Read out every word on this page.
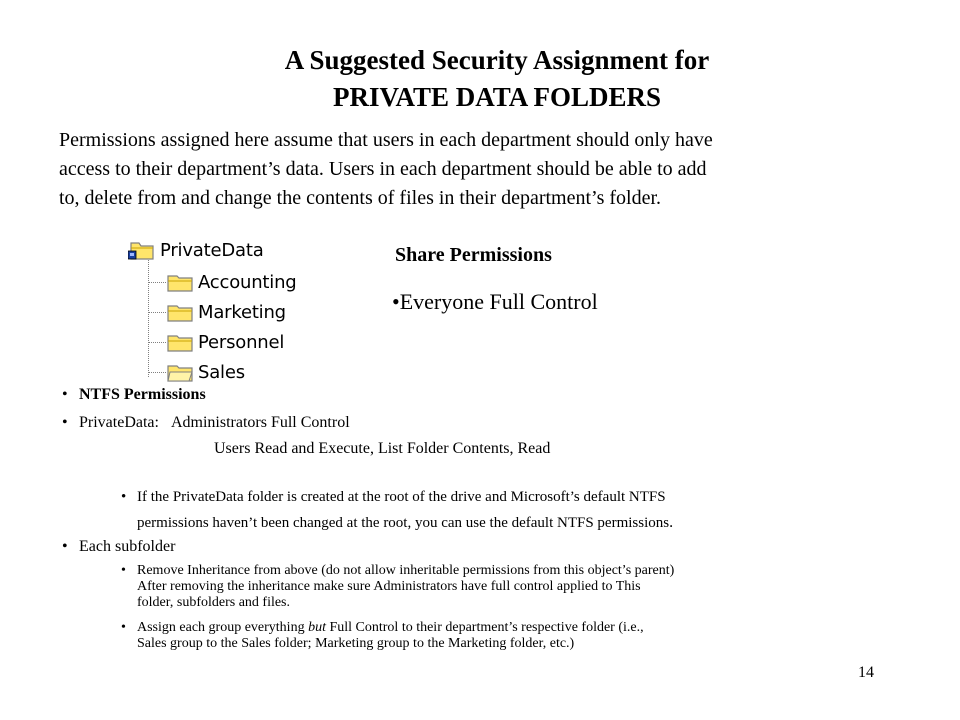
A Suggested Security Assignment for
PRIVATE DATA FOLDERS
Permissions assigned here assume that users in each department should only have
access to their department’s data. Users in each department should be able to add
to, delete from and change the contents of files in their department’s folder.
PrivateData
Accounting
Marketing
Personnel
Sales
Share Permissions
•Everyone Full Control
• NTFS Permissions
• PrivateData: Administrators Full Control
Users Read and Execute, List Folder Contents, Read
• If the PrivateData folder is created at the root of the drive and Microsoft’s default NTFS
permissions haven’t been changed at the root, you can use the default NTFS permissions.
• Each subfolder
• Remove Inheritance from above (do not allow inheritable permissions from this object’s parent)
After removing the inheritance make sure Administrators have full control applied to This
folder, subfolders and files.
• Assign each group everything but Full Control to their department’s respective folder (i.e.,
Sales group to the Sales folder; Marketing group to the Marketing folder, etc.)
14
